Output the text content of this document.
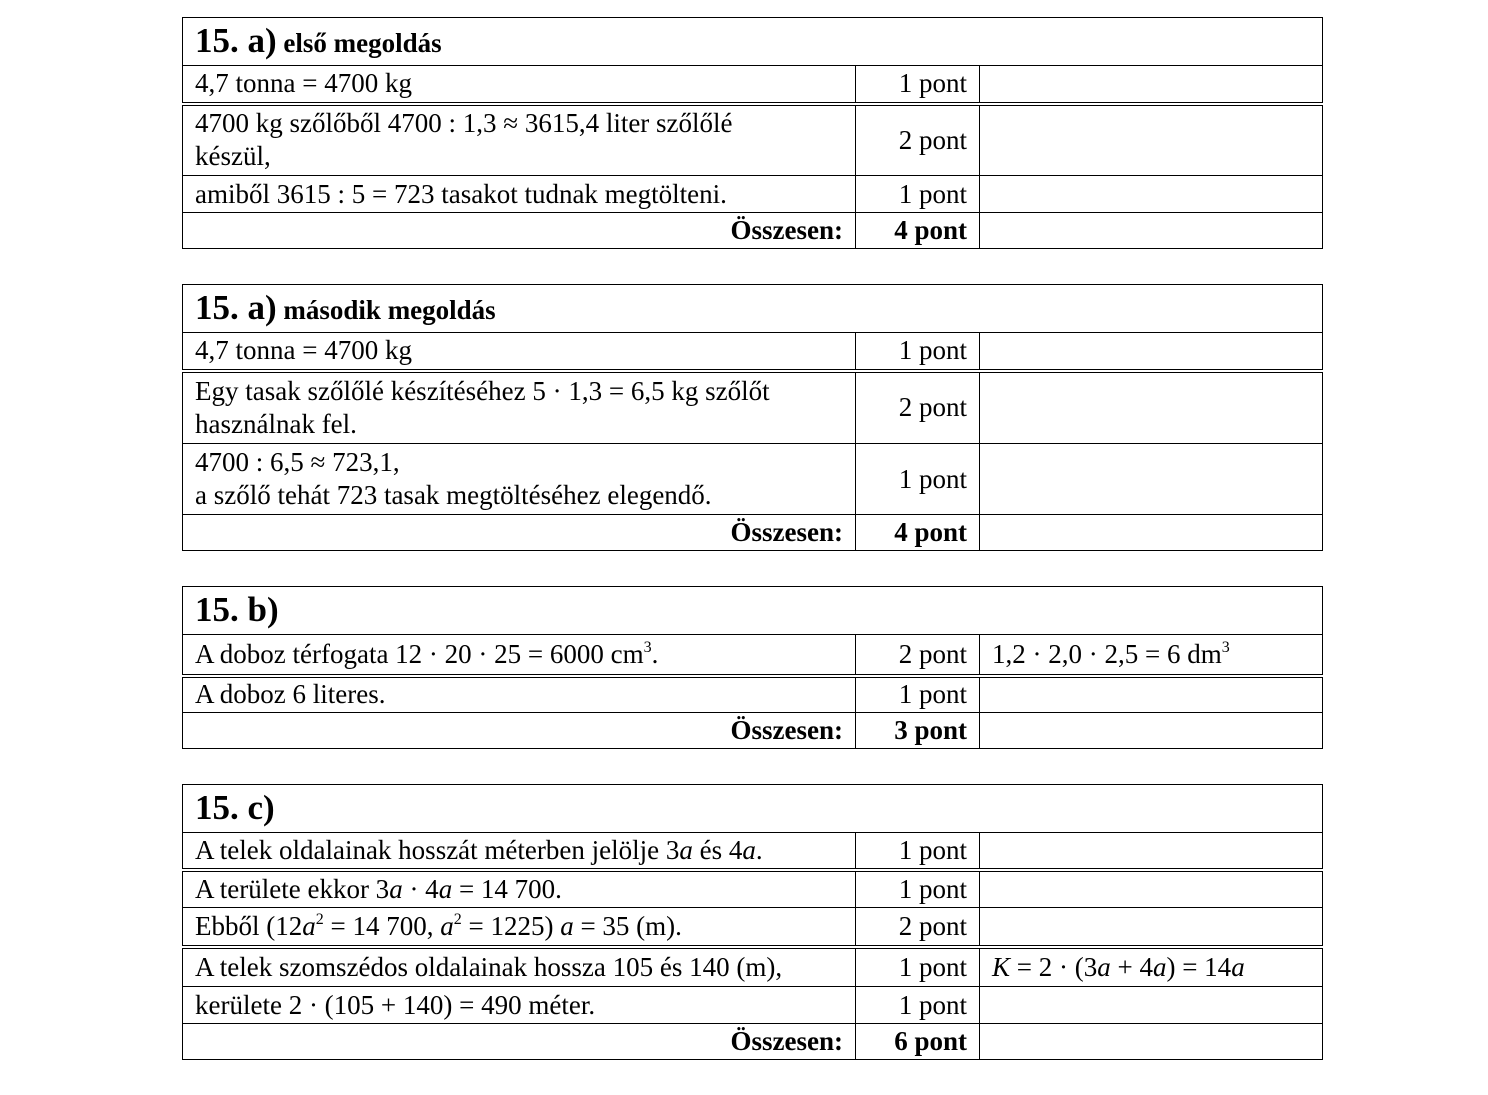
15. a) első megoldás		
4,7 tonna = 4700 kg	1 pont	

4700 kg szőlőből 4700 : 1,3 ≈ 3615,4 liter szőlőlé
készül,	2 pont	
amiből 3615 : 5 = 723 tasakot tudnak megtölteni.	1 pont	
Összesen:	4 pont	
15. a) második megoldás		
4,7 tonna = 4700 kg	1 pont	

Egy tasak szőlőlé készítéséhez 5 · 1,3 = 6,5 kg szőlőt
használnak fel.	2 pont	

4700 : 6,5 ≈ 723,1,
a szőlő tehát 723 tasak megtöltéséhez elegendő.	1 pont	
Összesen:	4 pont	
15. b)		
A doboz térfogata 12 · 20 · 25 = 6000 $cm^3$.	2 pont	1,2 · 2,0 · 2,5 = 6 $dm^3$
A doboz 6 literes.	1 pont	
Összesen:	3 pont	
15. c)		
A telek oldalainak hosszát méterben jelölje 3a és 4a.	1 pont	
A területe ekkor 3a · 4a = 14 700.	1 pont	
Ebből ($12a^2 = 14$ 700, $a^2 = 1225$) a = 35 (m).	2 pont	
A telek szomszédos oldalainak hossza 105 és 140 (m),	1 pont	K = 2 · (3a + 4a) = 14a
kerülete 2 · (105 + 140) = 490 méter.	1 pont	
Összesen:	6 pont	
